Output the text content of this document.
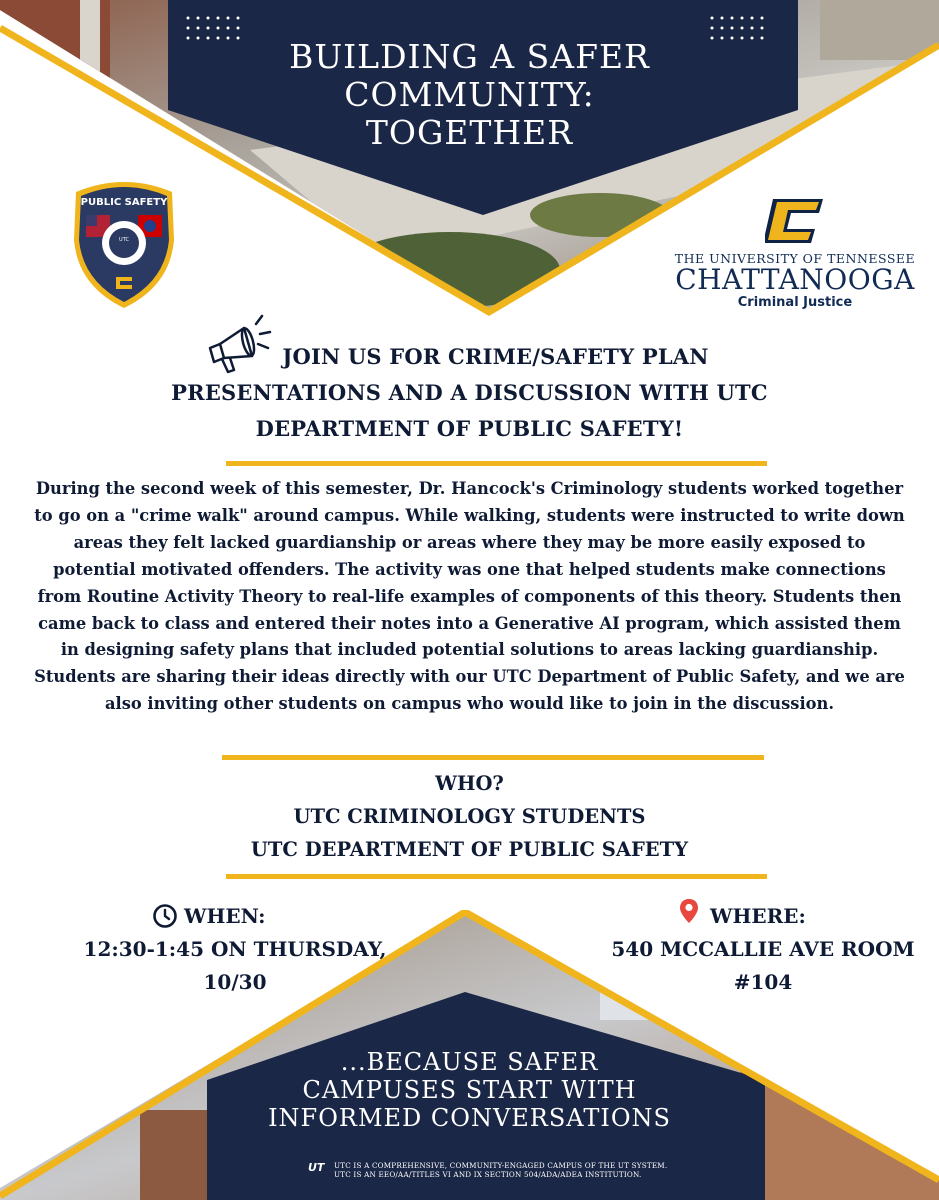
BUILDING A SAFER
COMMUNITY:
TOGETHER
PUBLIC SAFETY
UTC
THE UNIVERSITY OF TENNESSEE
CHATTANOOGA
Criminal Justice
JOIN US FOR CRIME/SAFETY PLAN
PRESENTATIONS AND A DISCUSSION WITH UTC
DEPARTMENT OF PUBLIC SAFETY!
During the second week of this semester, Dr. Hancock's Criminology students worked together to go on a "crime walk" around campus. While walking, students were instructed to write down areas they felt lacked guardianship or areas where they may be more easily exposed to potential motivated offenders. The activity was one that helped students make connections from Routine Activity Theory to real-life examples of components of this theory. Students then came back to class and entered their notes into a Generative AI program, which assisted them in designing safety plans that included potential solutions to areas lacking guardianship. Students are sharing their ideas directly with our UTC Department of Public Safety, and we are also inviting other students on campus who would like to join in the discussion.
WHO?
UTC CRIMINOLOGY STUDENTS
UTC DEPARTMENT OF PUBLIC SAFETY
WHEN:
12:30-1:45 ON THURSDAY,
10/30
WHERE:
540 MCCALLIE AVE ROOM
#104
...BECAUSE SAFER
CAMPUSES START WITH
INFORMED CONVERSATIONS
UT	UTC IS A COMPREHENSIVE, COMMUNITY-ENGAGED CAMPUS OF THE UT SYSTEM.
UTC IS AN EEO/AA/TITLES VI AND IX SECTION 504/ADA/ADEA INSTITUTION.
